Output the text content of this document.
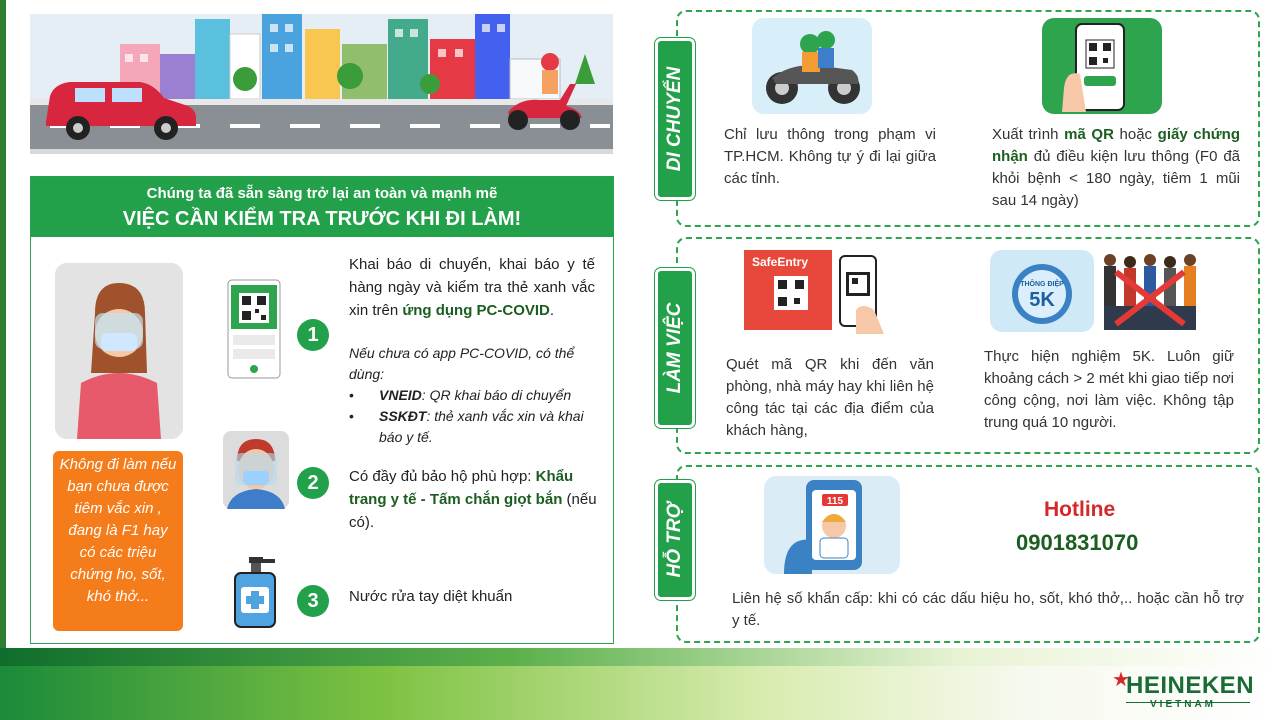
Chúng ta đã sẵn sàng trở lại an toàn và mạnh mẽ
VIỆC CẦN KIỂM TRA TRƯỚC KHI ĐI LÀM!
Không đi làm nếu bạn chưa được tiêm vắc xin , đang là F1 hay có các triệu chứng ho, sốt, khó thở...
1
Khai báo di chuyển, khai báo y tế hàng ngày và kiểm tra thẻ xanh vắc xin trên ứng dụng PC-COVID.
Nếu chưa có app PC-COVID, có thể dùng:
• VNEID: QR khai báo di chuyển
• SSKĐT: thẻ xanh vắc xin và khai báo y tế.
2	Có đầy đủ bảo hộ phù hợp: Khẩu trang y tế - Tấm chắn giọt bắn (nếu có).
3	Nước rửa tay diệt khuẩn
DI CHUYỂN	Chỉ lưu thông trong phạm vi TP.HCM. Không tự ý đi lại giữa các tỉnh.
Xuất trình mã QR hoặc giấy chứng nhận đủ điều kiện lưu thông (F0 đã khỏi bệnh < 180 ngày, tiêm 1 mũi sau 14 ngày)
LÀM VIỆC
SafeEntry
THÔNG ĐIỆP
5K
Quét mã QR khi đến văn phòng, nhà máy hay khi liên hệ công tác tại các địa điểm của khách hàng,
Thực hiện nghiệm 5K. Luôn giữ khoảng cách > 2 mét khi giao tiếp nơi công cộng, nơi làm việc. Không tập trung quá 10 người.
HỖ TRỢ
115	Hotline
0901831070
Liên hệ số khẩn cấp: khi có các dấu hiệu ho, sốt, khó thở,.. hoặc cần hỗ trợ y tế.
★
HEINEKEN
VIETNAM
